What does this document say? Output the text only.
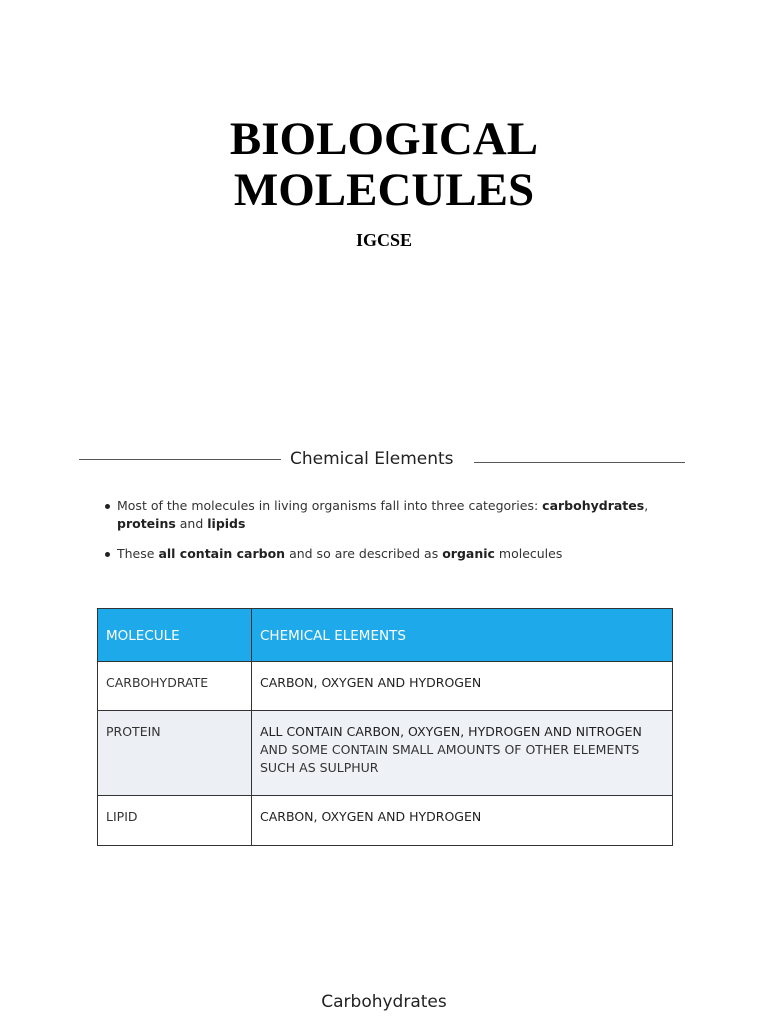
BIOLOGICAL
MOLECULES
IGCSE
Chemical Elements
Most of the molecules in living organisms fall into three categories: carbohydrates,
proteins and lipids
These all contain carbon and so are described as organic molecules
MOLECULE	CHEMICAL ELEMENTS
CARBOHYDRATE	CARBON, OXYGEN AND HYDROGEN
PROTEIN	ALL CONTAIN CARBON, OXYGEN, HYDROGEN AND NITROGEN
AND SOME CONTAIN SMALL AMOUNTS OF OTHER ELEMENTS SUCH AS SULPHUR
LIPID	CARBON, OXYGEN AND HYDROGEN
Carbohydrates
